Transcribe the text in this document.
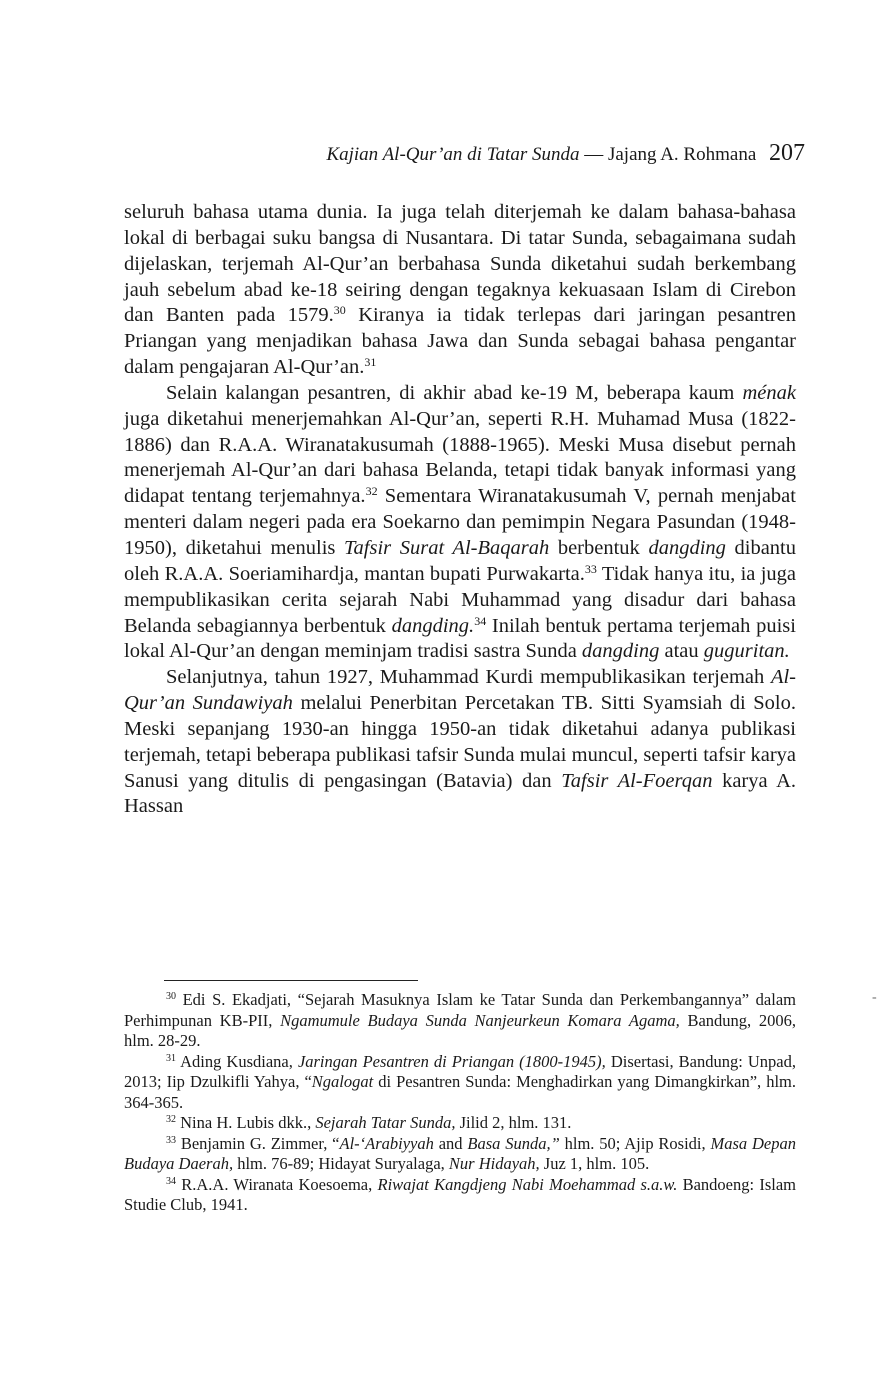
Kajian Al-Qur’an di Tatar Sunda — Jajang A. Rohmana 207

seluruh bahasa utama dunia. Ia juga telah diterjemah ke dalam bahasa-bahasa lokal di berbagai suku bangsa di Nusantara. Di tatar Sunda, sebagaimana sudah dijelaskan, terjemah Al-Qur’an berbahasa Sunda diketahui sudah berkembang jauh sebelum abad ke-18 seiring dengan tegaknya kekuasaan Islam di Cirebon dan Banten pada 1579.30 Kiranya ia tidak terlepas dari jaringan pesantren Priangan yang menjadikan bahasa Jawa dan Sunda sebagai bahasa pengantar dalam pengajaran Al-Qur’an.$^{31}$

Selain kalangan pesantren, di akhir abad ke-19 M, beberapa kaum ménak juga diketahui menerjemahkan Al-Qur’an, seperti R.H. Muhamad Musa (1822-1886) dan R.A.A. Wiranatakusumah (1888-1965). Meski Musa disebut pernah menerjemah Al-Qur’an dari bahasa Belanda, tetapi tidak banyak informasi yang didapat tentang terjemahnya.$^{32}$ Sementara Wiranatakusumah V, pernah menjabat menteri dalam negeri pada era Soekarno dan pemimpin Negara Pasundan (1948-1950), diketahui menulis Tafsir Surat Al-Baqarah berbentuk dangding dibantu oleh R.A.A. Soeriamihardja, mantan bupati Purwakarta.$^{33}$ Tidak hanya itu, ia juga mempublikasikan cerita sejarah Nabi Muhammad yang disadur dari bahasa Belanda sebagiannya berbentuk dangding.$^{34}$ Inilah bentuk pertama terjemah puisi lokal Al-Qur’an dengan meminjam tradisi sastra Sunda dangding atau guguritan.

Selanjutnya, tahun 1927, Muhammad Kurdi mempublikasikan terjemah Al-Qur’an Sundawiyah melalui Penerbitan Percetakan TB. Sitti Syamsiah di Solo. Meski sepanjang 1930-an hingga 1950-an tidak diketahui adanya publikasi terjemah, tetapi beberapa publikasi tafsir Sunda mulai muncul, seperti tafsir karya Sanusi yang ditulis di pengasingan (Batavia) dan Tafsir Al-Foerqan karya A. Hassan

$^{30}$ Edi S. Ekadjati, “Sejarah Masuknya Islam ke Tatar Sunda dan Perkembangannya” dalam Perhimpunan KB-PII, Ngamumule Budaya Sunda Nanjeurkeun Komara Agama, Bandung, 2006, hlm. 28-29.

$^{31}$ Ading Kusdiana, Jaringan Pesantren di Priangan (1800-1945), Disertasi, Bandung: Unpad, 2013; Iip Dzulkifli Yahya, “Ngalogat di Pesantren Sunda: Menghadirkan yang Dimangkirkan”, hlm. 364-365.

$^{32}$ Nina H. Lubis dkk., Sejarah Tatar Sunda, Jilid 2, hlm. 131.

$^{33}$ Benjamin G. Zimmer, “Al-‘Arabiyyah and Basa Sunda,” hlm. 50; Ajip Rosidi, Masa Depan Budaya Daerah, hlm. 76-89; Hidayat Suryalaga, Nur Hidayah, Juz 1, hlm. 105.

$^{34}$ R.A.A. Wiranata Koesoema, Riwajat Kangdjeng Nabi Moehammad s.a.w. Bandoeng: Islam Studie Club, 1941.

-
